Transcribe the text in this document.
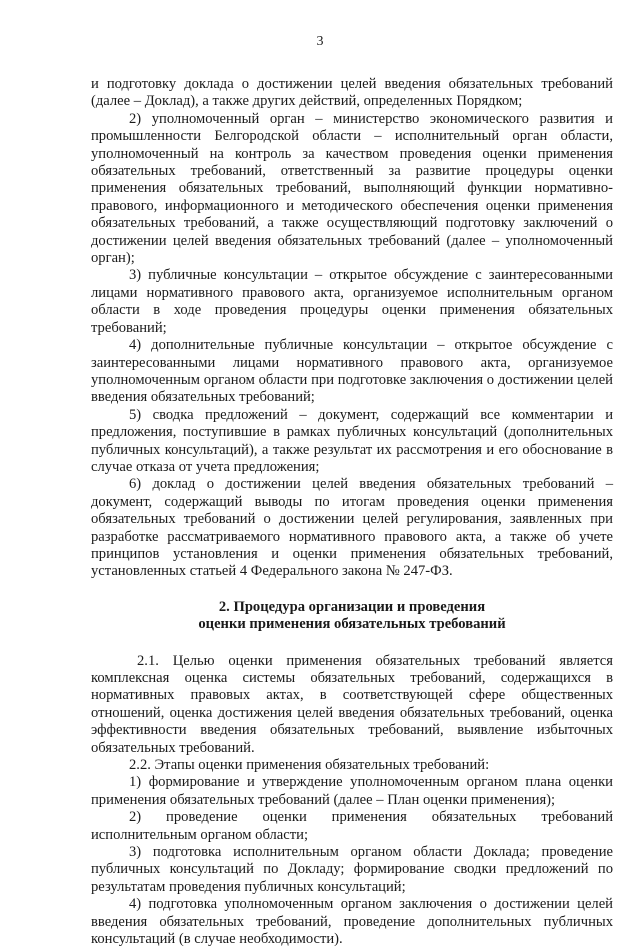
3

и подготовку доклада о достижении целей введения обязательных требований (далее – Доклад), а также других действий, определенных Порядком;

2) уполномоченный орган – министерство экономического развития и промышленности Белгородской области – исполнительный орган области, уполномоченный на контроль за качеством проведения оценки применения обязательных требований, ответственный за развитие процедуры оценки применения обязательных требований, выполняющий функции нормативно-правового, информационного и методического обеспечения оценки применения обязательных требований, а также осуществляющий подготовку заключений о достижении целей введения обязательных требований (далее – уполномоченный орган);

3) публичные консультации – открытое обсуждение с заинтересованными лицами нормативного правового акта, организуемое исполнительным органом области в ходе проведения процедуры оценки применения обязательных требований;

4) дополнительные публичные консультации – открытое обсуждение с заинтересованными лицами нормативного правового акта, организуемое уполномоченным органом области при подготовке заключения о достижении целей введения обязательных требований;

5) сводка предложений – документ, содержащий все комментарии и предложения, поступившие в рамках публичных консультаций (дополнительных публичных консультаций), а также результат их рассмотрения и его обоснование в случае отказа от учета предложения;

6) доклад о достижении целей введения обязательных требований – документ, содержащий выводы по итогам проведения оценки применения обязательных требований о достижении целей регулирования, заявленных при разработке рассматриваемого нормативного правового акта, а также об учете принципов установления и оценки применения обязательных требований, установленных статьей 4 Федерального закона № 247-ФЗ.

2. Процедура организации и проведения
оценки применения обязательных требований

2.1. Целью оценки применения обязательных требований является комплексная оценка системы обязательных требований, содержащихся в нормативных правовых актах, в соответствующей сфере общественных отношений, оценка достижения целей введения обязательных требований, оценка эффективности введения обязательных требований, выявление избыточных обязательных требований.

2.2. Этапы оценки применения обязательных требований:

1) формирование и утверждение уполномоченным органом плана оценки применения обязательных требований (далее – План оценки применения);

2) проведение оценки применения обязательных требований исполнительным органом области;

3) подготовка исполнительным органом области Доклада; проведение публичных консультаций по Докладу; формирование сводки предложений по результатам проведения публичных консультаций;

4) подготовка уполномоченным органом заключения о достижении целей введения обязательных требований, проведение дополнительных публичных консультаций (в случае необходимости).
